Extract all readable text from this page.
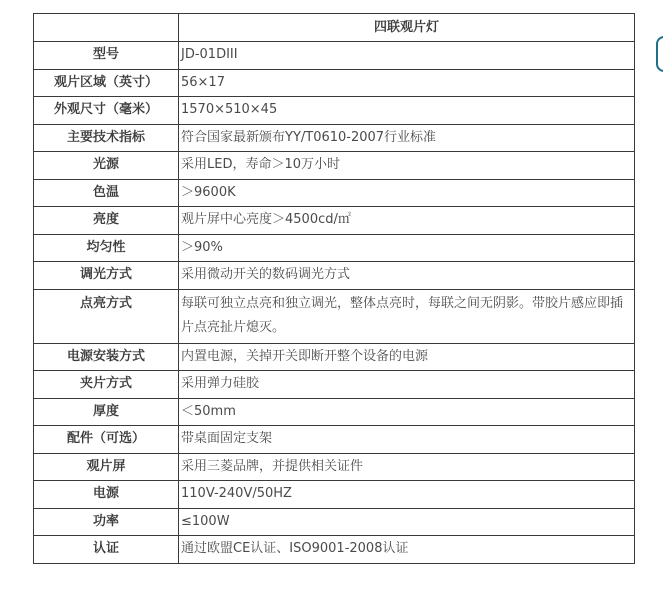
	四联观片灯
型号	JD-01DIII
观片区域（英寸）	56×17
外观尺寸（毫米）	1570×510×45
主要技术指标	符合国家最新颁布YY/T0610-2007行业标准
光源	采用LED，寿命＞10万小时
色温	＞9600K
亮度	观片屏中心亮度＞4500cd/㎡
均匀性	＞90%
调光方式	采用微动开关的数码调光方式
点亮方式	每联可独立点亮和独立调光，整体点亮时，每联之间无阴影。带胶片感应即插片点亮扯片熄灭。
电源安装方式	内置电源，关掉开关即断开整个设备的电源
夹片方式	采用弹力硅胶
厚度	＜50mm
配件（可选）	带桌面固定支架
观片屏	采用三菱品牌，并提供相关证件
电源	110V-240V/50HZ
功率	≤100W
认证	通过欧盟CE认证、ISO9001-2008认证
